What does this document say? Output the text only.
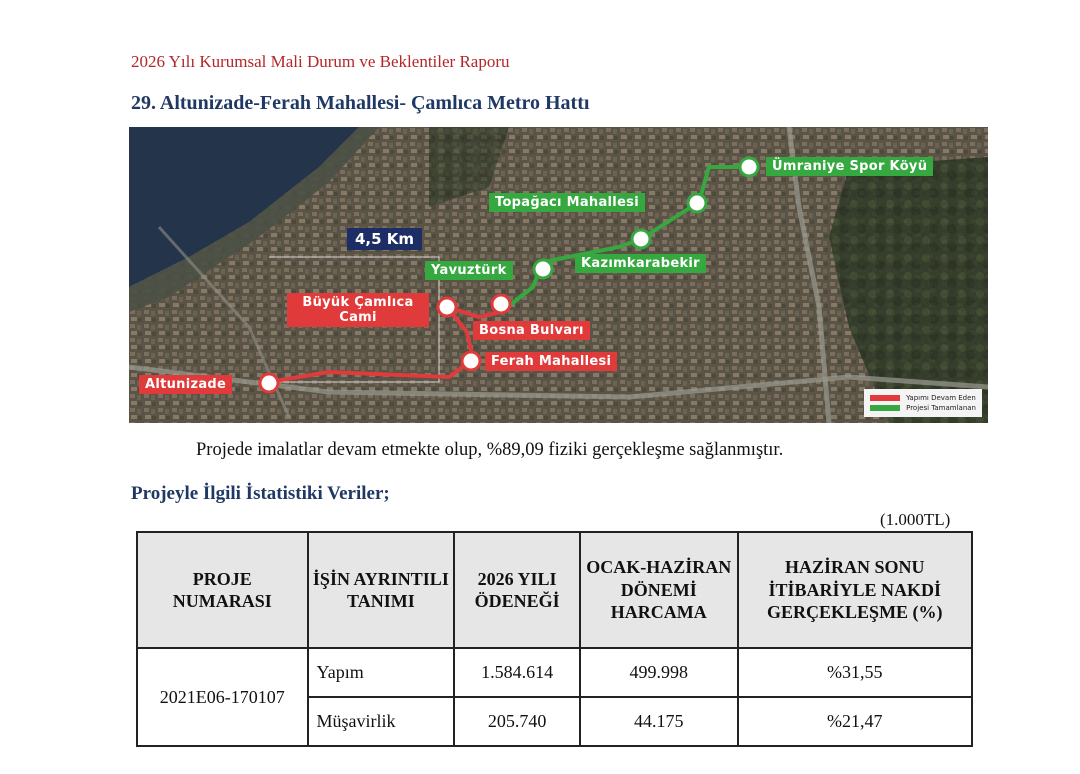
2026 Yılı Kurumsal Mali Durum ve Beklentiler Raporu
29. Altunizade-Ferah Mahallesi- Çamlıca Metro Hattı
4,5 Km
Ümraniye Spor Köyü
Topağacı Mahallesi
Kazımkarabekir
Yavuztürk
Büyük Çamlıca Cami
Bosna Bulvarı
Ferah Mahallesi
Altunizade
Yapımı Devam Eden
Projesi Tamamlanan
Projede imalatlar devam etmekte olup, %89,09 fiziki gerçekleşme sağlanmıştır.
Projeyle İlgili İstatistiki Veriler;
(1.000TL)
PROJE NUMARASI	İŞİN AYRINTILI TANIMI	2026 YILI ÖDENEĞİ	OCAK-HAZİRAN DÖNEMİ HARCAMA	HAZİRAN SONU İTİBARİYLE NAKDİ GERÇEKLEŞME (%)
2021E06-170107	Yapım	1.584.614	499.998	%31,55
	Müşavirlik	205.740	44.175	%21,47
